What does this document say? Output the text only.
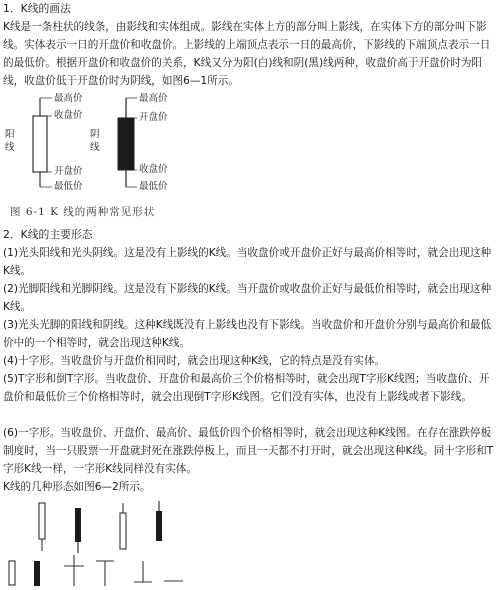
1．K线的画法
K线是一条柱状的线条，由影线和实体组成。影线在实体上方的部分叫上影线，在实体下方的部分叫下影线。实体表示一日的开盘价和收盘价。上影线的上端顶点表示一日的最高价，下影线的下端顶点表示一日的最低价。根据开盘价和收盘价的关系，K线又分为阳(白)线和阴(黑)线两种，收盘价高于开盘价时为阳线，收盘价低于开盘价时为阴线，如图6—1所示。
阳
线
最高价
收盘价
开盘价
最低价
阴
线
最高价
开盘价
收盘价
最低价
图 6-1 K 线的两种常见形状
2．K线的主要形态
(1)光头阳线和光头阴线。这是没有上影线的K线。当收盘价或开盘价正好与最高价相等时，就会出现这种K线。
(2)光脚阳线和光脚阴线。这是没有下影线的K线。当开盘价或收盘价正好与最低价相等时，就会出现这种K线。
(3)光头光脚的阳线和阴线。这种K线既没有上影线也没有下影线。当收盘价和开盘价分别与最高价和最低价中的一个相等时，就会出现这种K线。
(4)十字形。当收盘价与开盘价相同时，就会出现这种K线，它的特点是没有实体。
(5)T字形和倒T字形。当收盘价、开盘价和最高价三个价格相等时，就会出现T字形K线图；当收盘价、开盘价和最低价三个价格相等时，就会出现倒T字形K线图。它们没有实体，也没有上影线或者下影线。
(6)一字形。当收盘价、开盘价、最高价、最低价四个价格相等时，就会出现这种K线图。在存在涨跌停板制度时，当一只股票一开盘就封死在涨跌停板上，而且一天都不打开时，就会出现这种K线。同十字形和T字形K线一样，一字形K线同样没有实体。
K线的几种形态如图6—2所示。
